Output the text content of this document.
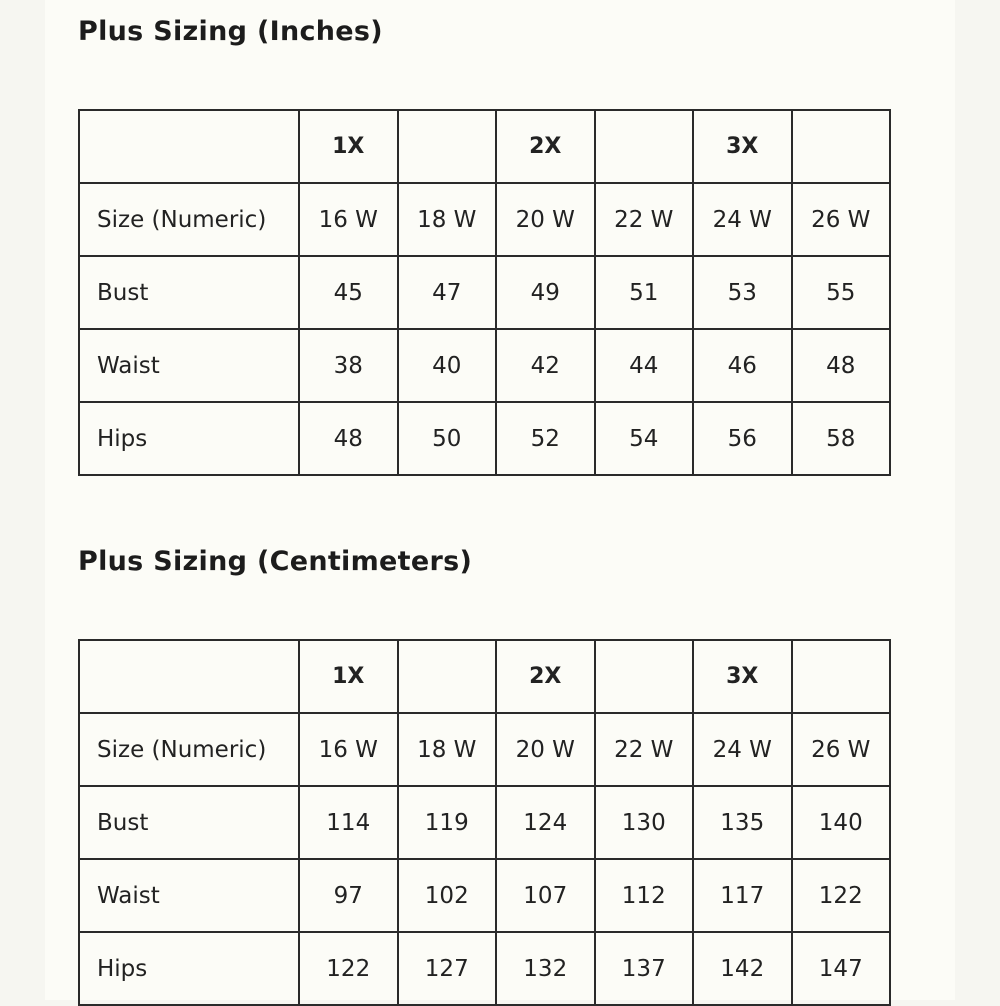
Plus Sizing (Inches)
	1X		2X		3X	
Size (Numeric)	16 W	18 W	20 W	22 W	24 W	26 W
Bust	45	47	49	51	53	55
Waist	38	40	42	44	46	48
Hips	48	50	52	54	56	58
Plus Sizing (Centimeters)
	1X		2X		3X	
Size (Numeric)	16 W	18 W	20 W	22 W	24 W	26 W
Bust	114	119	124	130	135	140
Waist	97	102	107	112	117	122
Hips	122	127	132	137	142	147
